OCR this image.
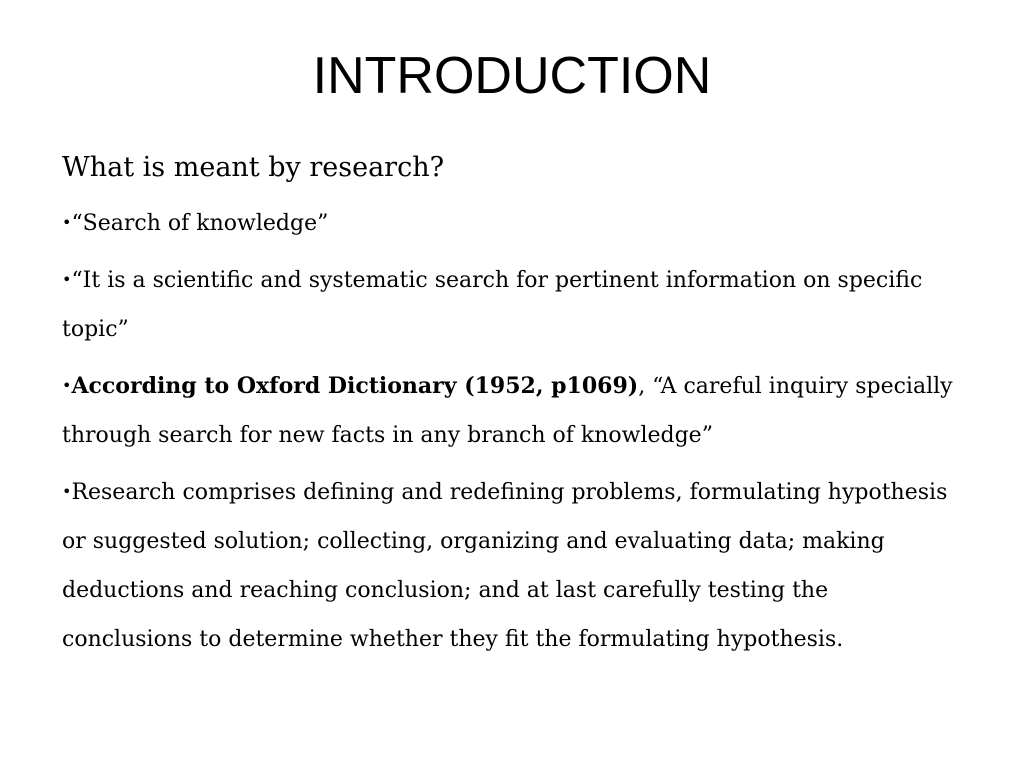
INTRODUCTION

What is meant by research?

•“Search of knowledge”

•“It is a scientific and systematic search for pertinent information on specific topic”

•According to Oxford Dictionary (1952, p1069), “A careful inquiry specially through search for new facts in any branch of knowledge”

•Research comprises defining and redefining problems, formulating hypothesis or suggested solution; collecting, organizing and evaluating data; making deductions and reaching conclusion; and at last carefully testing the conclusions to determine whether they fit the formulating hypothesis.
